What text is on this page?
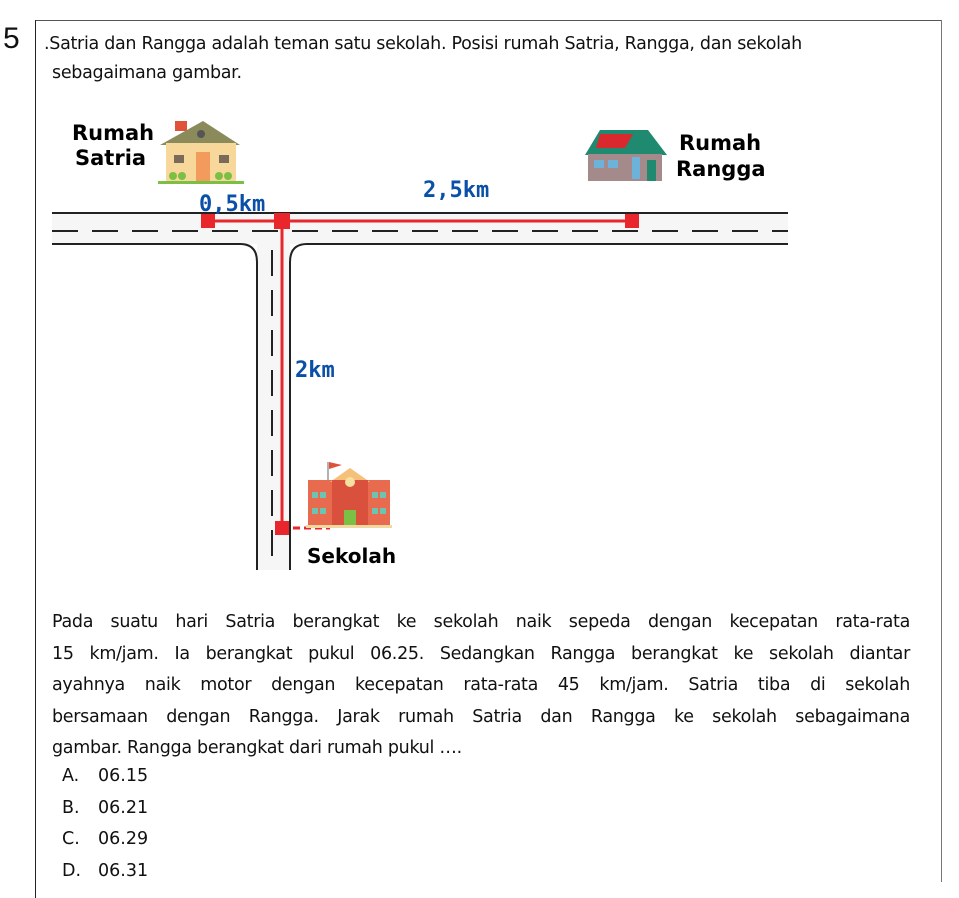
5 .Satria dan Rangga adalah teman satu sekolah. Posisi rumah Satria, Rangga, dan sekolah
sebagaimana gambar.
Rumah
Satria
Rumah
Rangga
Sekolah
0,5km
2,5km
2km
Pada suatu hari Satria berangkat ke sekolah naik sepeda dengan kecepatan rata-rata
15 km/jam. Ia berangkat pukul 06.25. Sedangkan Rangga berangkat ke sekolah diantar
ayahnya naik motor dengan kecepatan rata-rata 45 km/jam. Satria tiba di sekolah
bersamaan dengan Rangga. Jarak rumah Satria dan Rangga ke sekolah sebagaimana
gambar. Rangga berangkat dari rumah pukul ….
A.	06.15
B.	06.21
C.	06.29
D. 06.31
